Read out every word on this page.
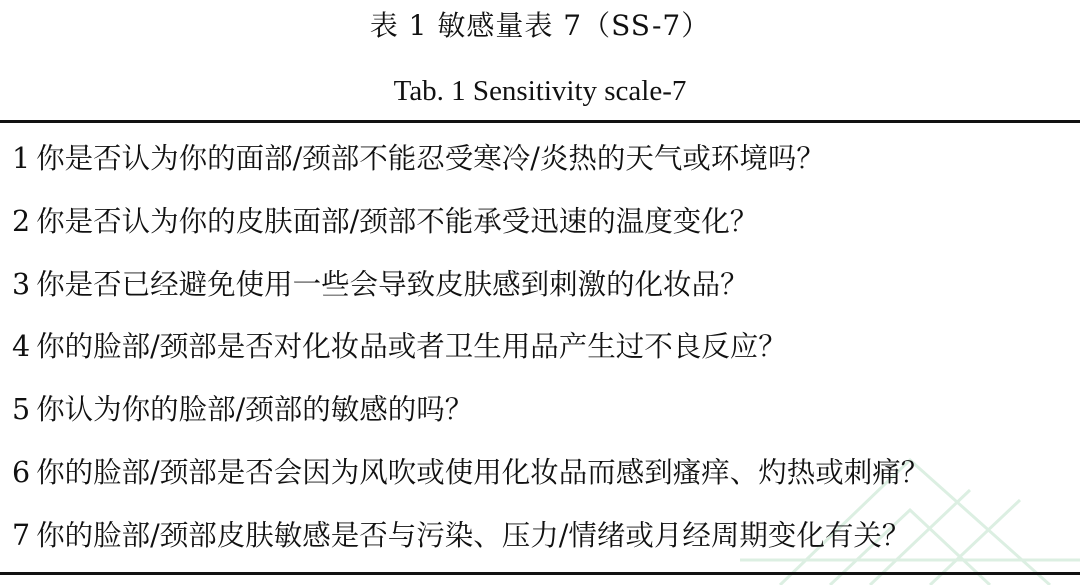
表 1 敏感量表 7（SS-7）
Tab. 1 Sensitivity scale-7
1 你是否认为你的面部/颈部不能忍受寒冷/炎热的天气或环境吗？
2 你是否认为你的皮肤面部/颈部不能承受迅速的温度变化？
3 你是否已经避免使用一些会导致皮肤感到刺激的化妆品？
4 你的脸部/颈部是否对化妆品或者卫生用品产生过不良反应？
5 你认为你的脸部/颈部的敏感的吗？
6 你的脸部/颈部是否会因为风吹或使用化妆品而感到瘙痒、灼热或刺痛？
7 你的脸部/颈部皮肤敏感是否与污染、压力/情绪或月经周期变化有关？
